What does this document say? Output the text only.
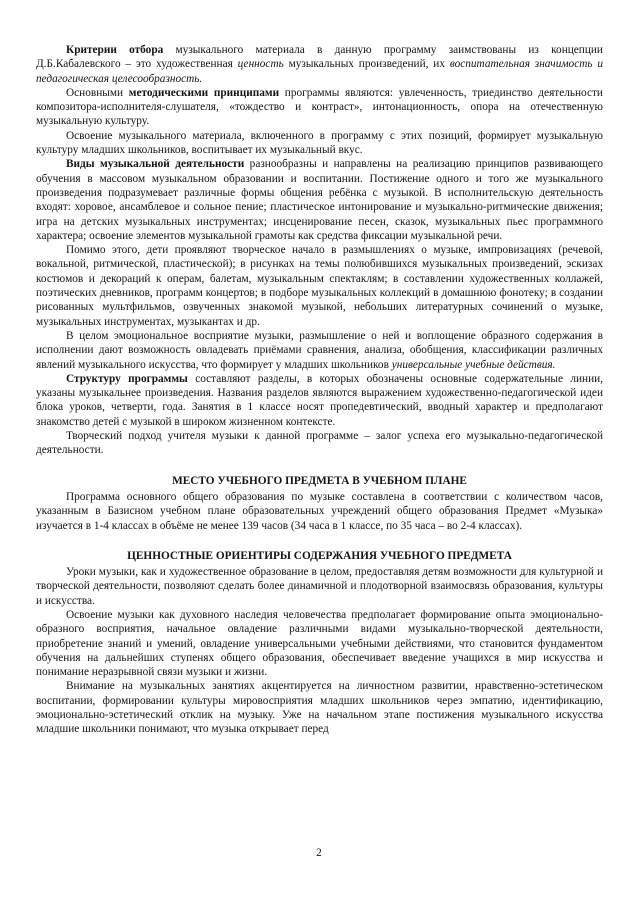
Критерии отбора музыкального материала в данную программу заимствованы из концепции Д.Б.Кабалевского – это художественная ценность музыкальных произведений, их воспитательная значимость и педагогическая целесообразность.

Основными методическими принципами программы являются: увлеченность, триединство деятельности композитора-исполнителя-слушателя, «тождество и контраст», интонационность, опора на отечественную музыкальную культуру.

Освоение музыкального материала, включенного в программу с этих позиций, формирует музыкальную культуру младших школьников, воспитывает их музыкальный вкус.

Виды музыкальной деятельности разнообразны и направлены на реализацию принципов развивающего обучения в массовом музыкальном образовании и воспитании. Постижение одного и того же музыкального произведения подразумевает различные формы общения ребёнка с музыкой. В исполнительскую деятельность входят: хоровое, ансамблевое и сольное пение; пластическое интонирование и музыкально-ритмические движения; игра на детских музыкальных инструментах; инсценирование песен, сказок, музыкальных пьес программного характера; освоение элементов музыкальной грамоты как средства фиксации музыкальной речи.

Помимо этого, дети проявляют творческое начало в размышлениях о музыке, импровизациях (речевой, вокальной, ритмической, пластической); в рисунках на темы полюбившихся музыкальных произведений, эскизах костюмов и декораций к операм, балетам, музыкальным спектаклям; в составлении художественных коллажей, поэтических дневников, программ концертов; в подборе музыкальных коллекций в домашнюю фонотеку; в создании рисованных мультфильмов, озвученных знакомой музыкой, небольших литературных сочинений о музыке, музыкальных инструментах, музыкантах и др.

В целом эмоциональное восприятие музыки, размышление о ней и воплощение образного содержания в исполнении дают возможность овладевать приёмами сравнения, анализа, обобщения, классификации различных явлений музыкального искусства, что формирует у младших школьников универсальные учебные действия.

Структуру программы составляют разделы, в которых обозначены основные содержательные линии, указаны музыкальнее произведения. Названия разделов являются выражением художественно-педагогической идеи блока уроков, четверти, года. Занятия в 1 классе носят пропедевтический, вводный характер и предполагают знакомство детей с музыкой в широком жизненном контексте.

Творческий подход учителя музыки к данной программе – залог успеха его музыкально-педагогической деятельности.

МЕСТО УЧЕБНОГО ПРЕДМЕТА В УЧЕБНОМ ПЛАНЕ

Программа основного общего образования по музыке составлена в соответствии с количеством часов, указанным в Базисном учебном плане образовательных учреждений общего образования Предмет «Музыка» изучается в 1-4 классах в объёме не менее 139 часов (34 часа в 1 классе, по 35 часа – во 2-4 классах).

ЦЕННОСТНЫЕ ОРИЕНТИРЫ СОДЕРЖАНИЯ УЧЕБНОГО ПРЕДМЕТА

Уроки музыки, как и художественное образование в целом, предоставляя детям возможности для культурной и творческой деятельности, позволяют сделать более динамичной и плодотворной взаимосвязь образования, культуры и искусства.

Освоение музыки как духовного наследия человечества предполагает формирование опыта эмоционально-образного восприятия, начальное овладение различными видами музыкально-творческой деятельности, приобретение знаний и умений, овладение универсальными учебными действиями, что становится фундаментом обучения на дальнейших ступенях общего образования, обеспечивает введение учащихся в мир искусства и понимание неразрывной связи музыки и жизни.

Внимание на музыкальных занятиях акцентируется на личностном развитии, нравственно-эстетическом воспитании, формировании культуры мировосприятия младших школьников через эмпатию, идентификацию, эмоционально-эстетический отклик на музыку. Уже на начальном этапе постижения музыкального искусства младшие школьники понимают, что музыка открывает перед

2
